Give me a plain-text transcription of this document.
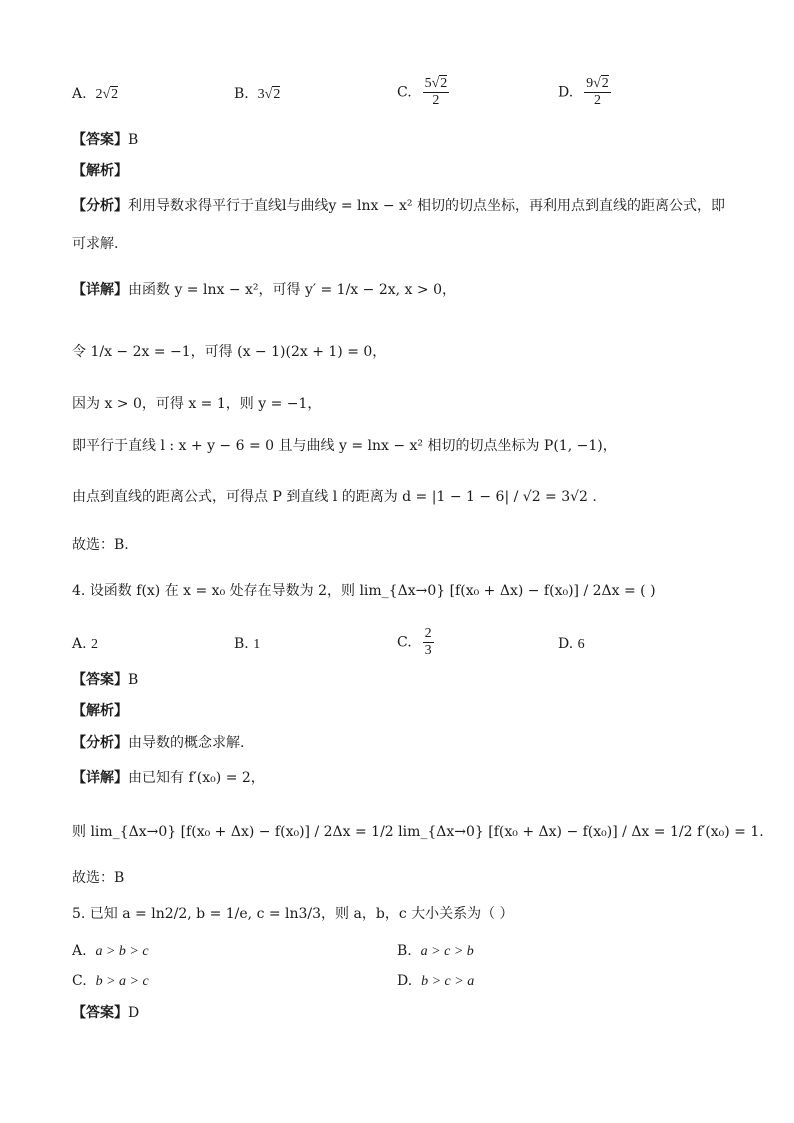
A. 2√2	B. 3√2	C. $\frac{5√2}{2}$	D. $\frac{9√2}{2}$
【答案】B
【解析】
【分析】利用导数求得平行于直线l与曲线y = lnx − x² 相切的切点坐标，再利用点到直线的距离公式，即
可求解.
【详解】由函数 y = lnx − x²，可得 y′ = 1/x − 2x, x > 0，
令 1/x − 2x = −1，可得 (x − 1)(2x + 1) = 0，
因为 x > 0，可得 x = 1，则 y = −1，
即平行于直线 l : x + y − 6 = 0 且与曲线 y = lnx − x² 相切的切点坐标为 P(1, −1)，
由点到直线的距离公式，可得点 P 到直线 l 的距离为 d = |1 − 1 − 6| / √2 = 3√2 .
故选：B.
4. 设函数 f(x) 在 x = x₀ 处存在导数为 2，则 lim_{Δx→0} [f(x₀ + Δx) − f(x₀)] / 2Δx = ( )
A. 2	B. 1	C. $\frac{2}{3}$	D. 6
【答案】B
【解析】
【分析】由导数的概念求解.
【详解】由已知有 f′(x₀) = 2，
则 lim_{Δx→0} [f(x₀ + Δx) − f(x₀)] / 2Δx = 1/2 lim_{Δx→0} [f(x₀ + Δx) − f(x₀)] / Δx = 1/2 f′(x₀) = 1.
故选：B
5. 已知 a = ln2/2, b = 1/e, c = ln3/3，则 a，b，c 大小关系为（ ）
A. a > b > c	B. a > c > b
C. b > a > c	D. b > c > a
【答案】D
